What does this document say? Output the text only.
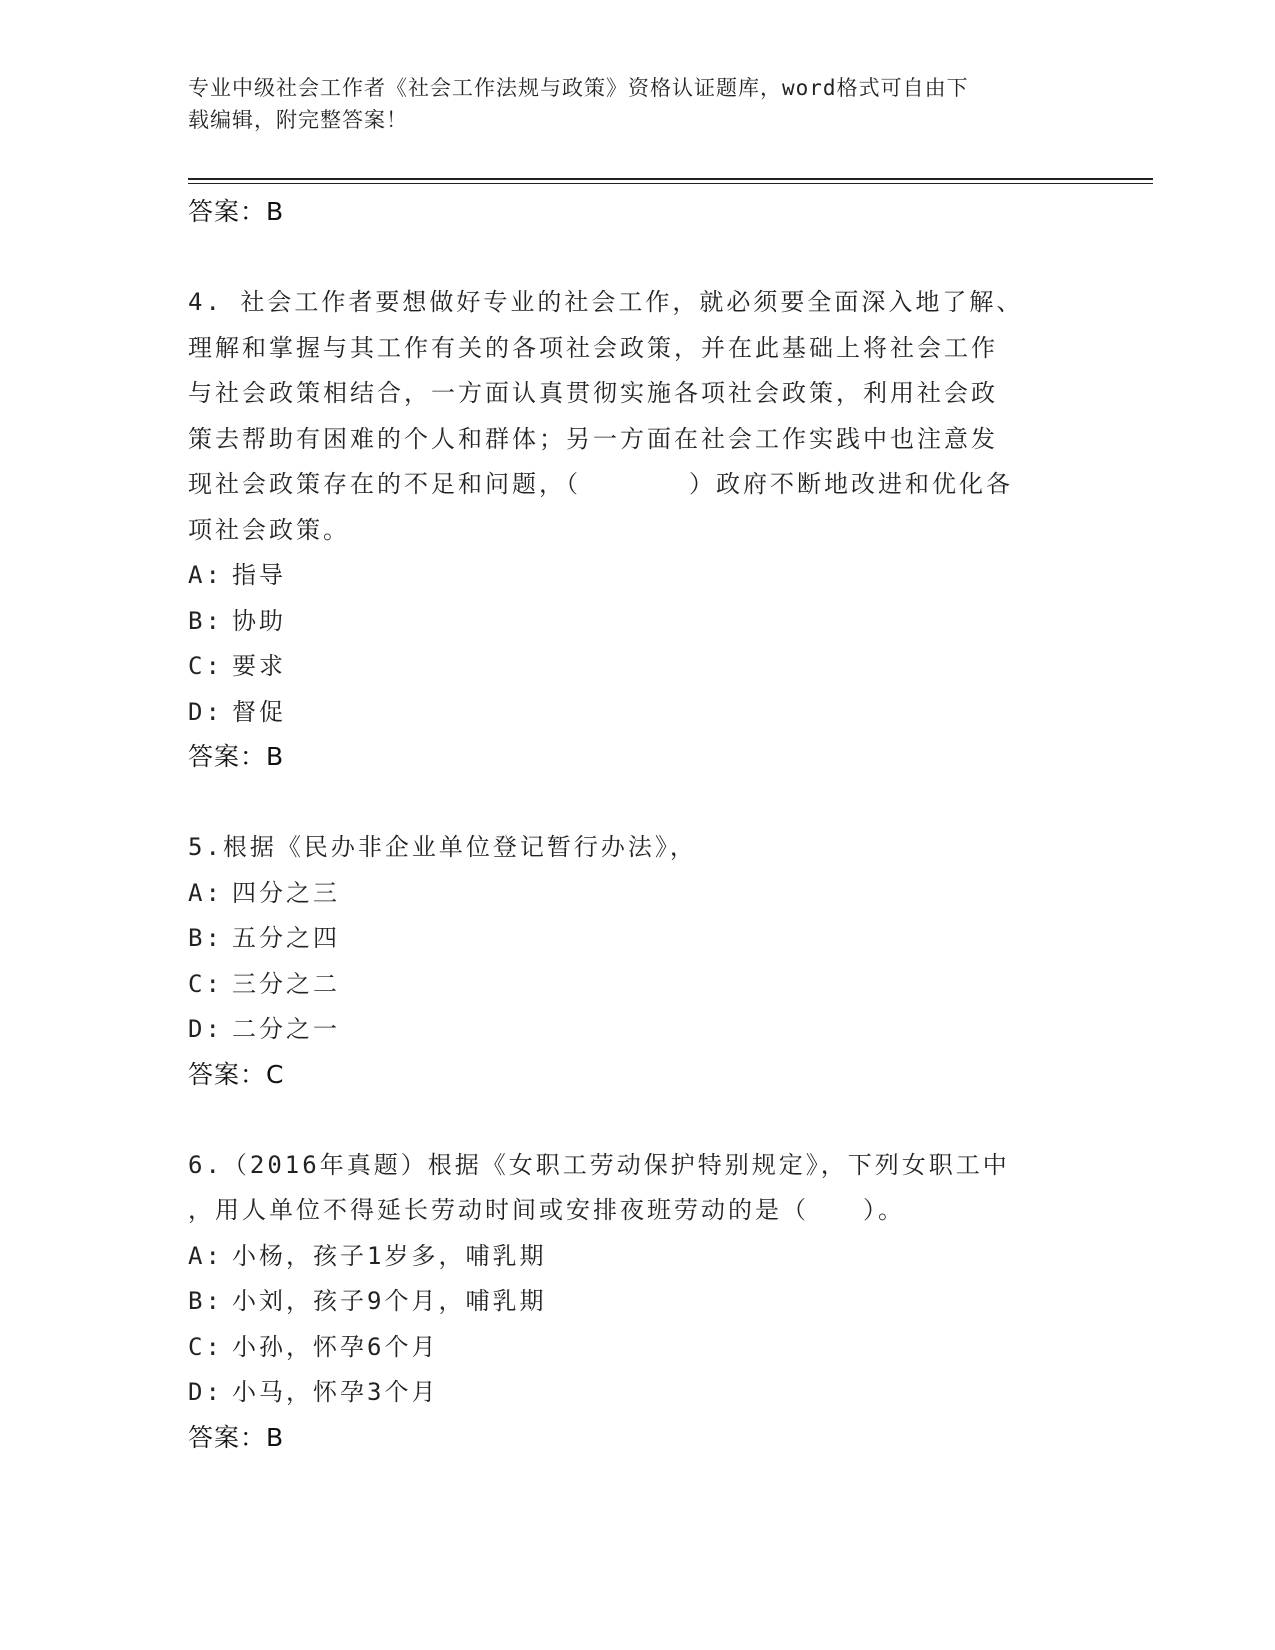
专业中级社会工作者《社会工作法规与政策》资格认证题库，word格式可自由下
载编辑，附完整答案！
答案：B
4. 社会工作者要想做好专业的社会工作，就必须要全面深入地了解、
理解和掌握与其工作有关的各项社会政策，并在此基础上将社会工作
与社会政策相结合，一方面认真贯彻实施各项社会政策，利用社会政
策去帮助有困难的个人和群体；另一方面在社会工作实践中也注意发
现社会政策存在的不足和问题，（　　　　）政府不断地改进和优化各
项社会政策。
A: 指导
B: 协助
C: 要求
D: 督促
答案：B
5.根据《民办非企业单位登记暂行办法》，
A: 四分之三
B: 五分之四
C: 三分之二
D: 二分之一
答案：C
6.（2016年真题）根据《女职工劳动保护特别规定》，下列女职工中
，用人单位不得延长劳动时间或安排夜班劳动的是（　　）。
A: 小杨，孩子1岁多，哺乳期
B: 小刘，孩子9个月，哺乳期
C: 小孙，怀孕6个月
D: 小马，怀孕3个月
答案：B
